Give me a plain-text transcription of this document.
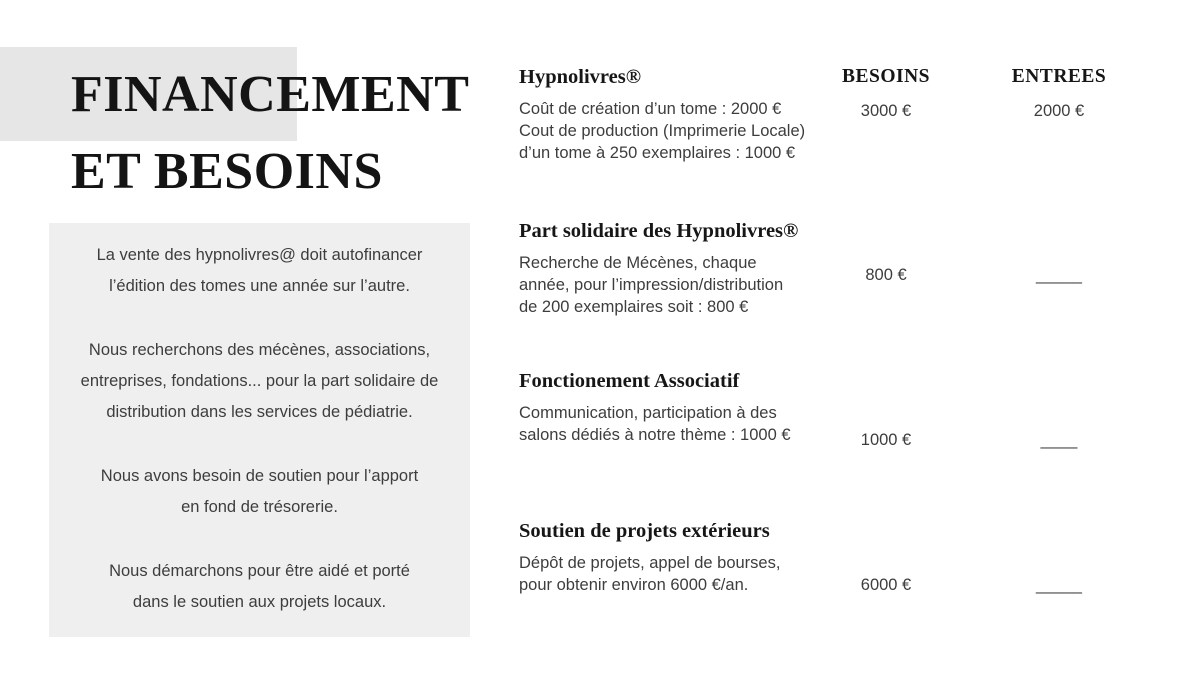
FINANCEMENT
ET BESOINS

La vente des hypnolivres@ doit autofinancer
l’édition des tomes une année sur l’autre.

Nous recherchons des mécènes, associations,
entreprises, fondations... pour la part solidaire de
distribution dans les services de pédiatrie.

Nous avons besoin de soutien pour l’apport
en fond de trésorerie.

Nous démarchons pour être aidé et porté
dans le soutien aux projets locaux.

Hypnolivres®
Coût de création d’un tome : 2000 €
Cout de production (Imprimerie Locale)
d’un tome à 250 exemplaires : 1000 €
BESOINS	ENTREES
3000 €	2000 €
Part solidaire des Hypnolivres®
Recherche de Mécènes, chaque
année, pour l’impression/distribution
de 200 exemplaires soit : 800 €
800 €	_____
Fonctionement Associatif
Communication, participation à des
salons dédiés à notre thème : 1000 €	1000 €	____
Soutien de projets extérieurs
Dépôt de projets, appel de bourses,
pour obtenir environ 6000 €/an.	6000 €	_____
